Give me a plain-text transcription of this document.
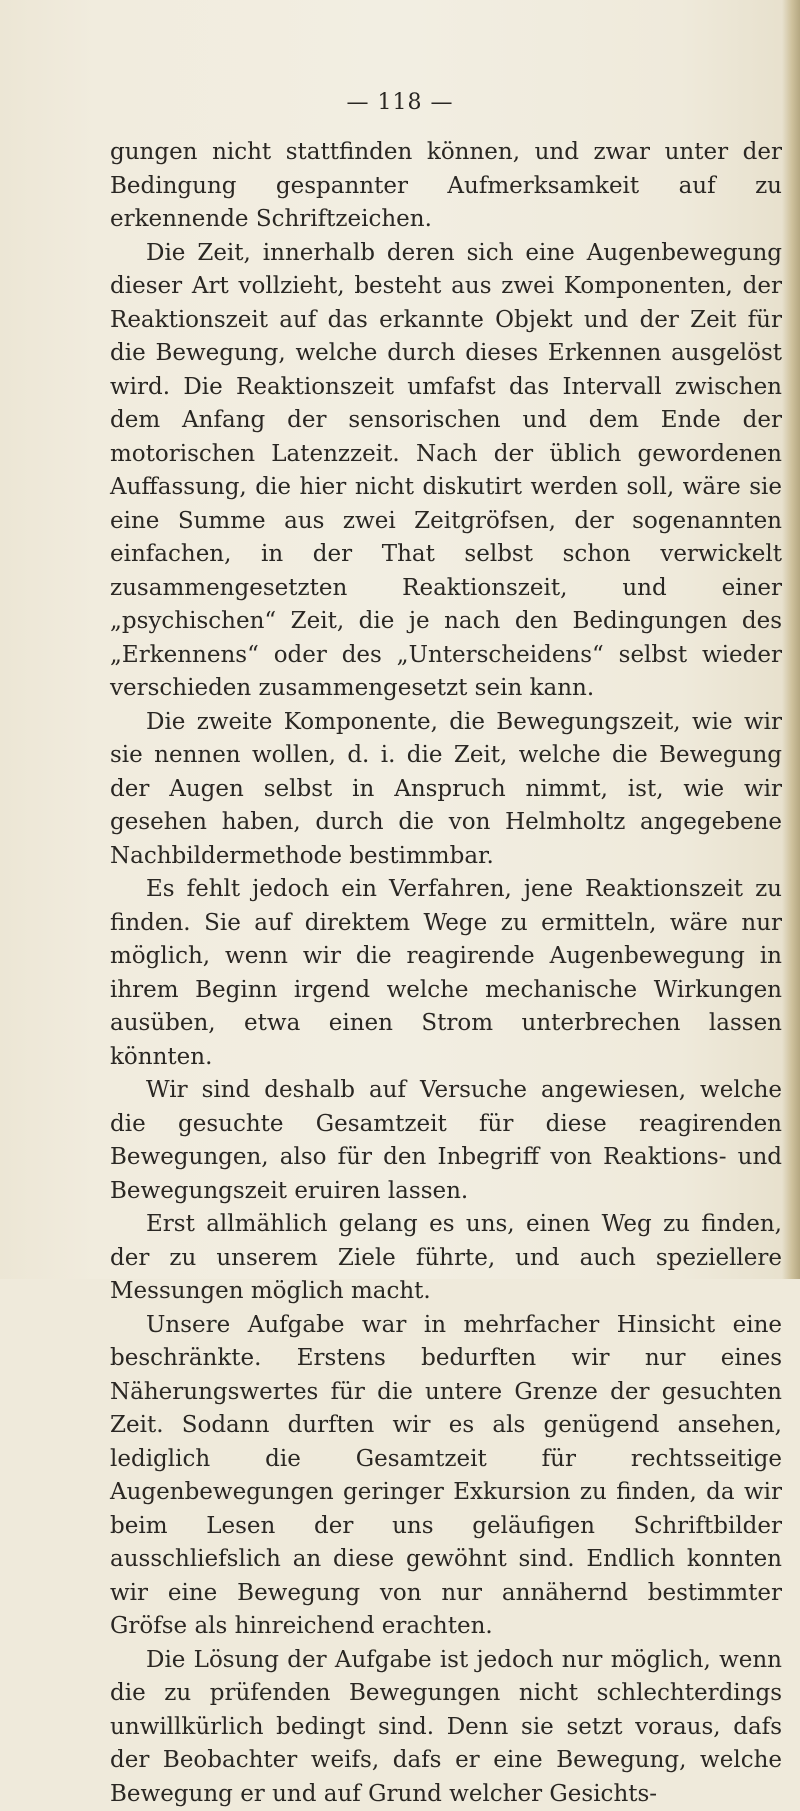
— 118 —

gungen nicht stattfinden können, und zwar unter der Bedingung gespannter Aufmerksamkeit auf zu erkennende Schriftzeichen.

Die Zeit, innerhalb deren sich eine Augenbewegung dieser Art vollzieht, besteht aus zwei Komponenten, der Reaktionszeit auf das erkannte Objekt und der Zeit für die Bewegung, welche durch dieses Erkennen ausgelöst wird. Die Reaktionszeit umfafst das Intervall zwischen dem Anfang der sensorischen und dem Ende der motorischen Latenzzeit. Nach der üblich gewordenen Auffassung, die hier nicht diskutirt werden soll, wäre sie eine Summe aus zwei Zeitgröfsen, der sogenannten einfachen, in der That selbst schon verwickelt zusammengesetzten Reaktionszeit, und einer „psychischen“ Zeit, die je nach den Bedingungen des „Erkennens“ oder des „Unterscheidens“ selbst wieder verschieden zusammengesetzt sein kann.

Die zweite Komponente, die Bewegungszeit, wie wir sie nennen wollen, d. i. die Zeit, welche die Bewegung der Augen selbst in Anspruch nimmt, ist, wie wir gesehen haben, durch die von Helmholtz angegebene Nachbildermethode bestimmbar.

Es fehlt jedoch ein Verfahren, jene Reaktionszeit zu finden. Sie auf direktem Wege zu ermitteln, wäre nur möglich, wenn wir die reagirende Augenbewegung in ihrem Beginn irgend welche mechanische Wirkungen ausüben, etwa einen Strom unterbrechen lassen könnten.

Wir sind deshalb auf Versuche angewiesen, welche die gesuchte Gesamtzeit für diese reagirenden Bewegungen, also für den Inbegriff von Reaktions- und Bewegungszeit eruiren lassen.

Erst allmählich gelang es uns, einen Weg zu finden, der zu unserem Ziele führte, und auch speziellere Messungen möglich macht.

Unsere Aufgabe war in mehrfacher Hinsicht eine beschränkte. Erstens bedurften wir nur eines Näherungswertes für die untere Grenze der gesuchten Zeit. Sodann durften wir es als genügend ansehen, lediglich die Gesamtzeit für rechtsseitige Augenbewegungen geringer Exkursion zu finden, da wir beim Lesen der uns geläufigen Schriftbilder ausschliefslich an diese gewöhnt sind. Endlich konnten wir eine Bewegung von nur annähernd bestimmter Gröfse als hinreichend erachten.

Die Lösung der Aufgabe ist jedoch nur möglich, wenn die zu prüfenden Bewegungen nicht schlechterdings unwillkürlich bedingt sind. Denn sie setzt voraus, dafs der Beobachter weifs, dafs er eine Bewegung, welche Bewegung er und auf Grund welcher Gesichts-
